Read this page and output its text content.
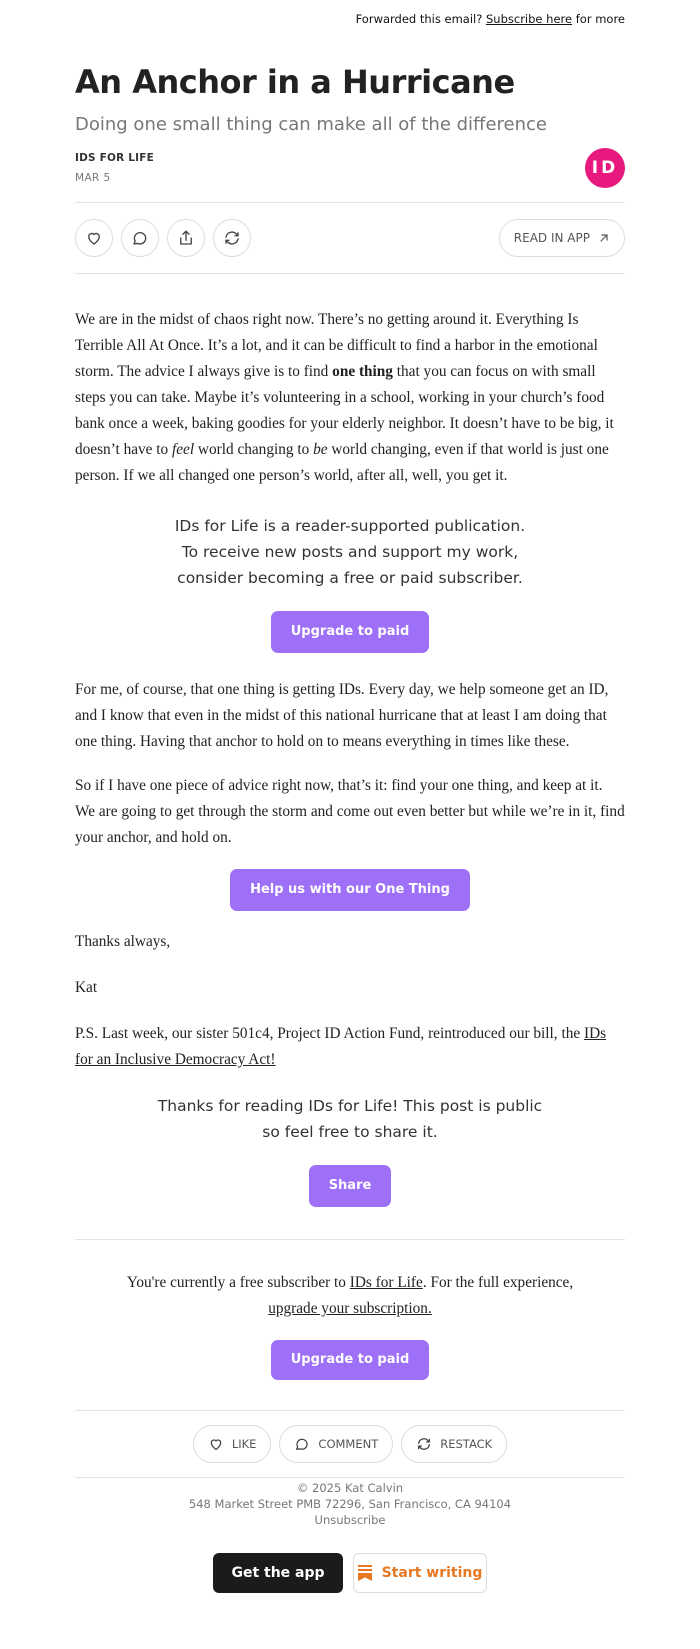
Forwarded this email? Subscribe here for more
An Anchor in a Hurricane
Doing one small thing can make all of the difference
IDS FOR LIFE
MAR 5	ID
READ IN APP

We are in the midst of chaos right now. There’s no getting around it. Everything Is Terrible All At Once. It’s a lot, and it can be difficult to find a harbor in the emotional storm. The advice I always give is to find one thing that you can focus on with small steps you can take. Maybe it’s volunteering in a school, working in your church’s food bank once a week, baking goodies for your elderly neighbor. It doesn’t have to be big, it doesn’t have to feel world changing to be world changing, even if that world is just one person. If we all changed one person’s world, after all, well, you get it.

IDs for Life is a reader-supported publication. To receive new posts and support my work, consider becoming a free or paid subscriber.
Upgrade to paid

For me, of course, that one thing is getting IDs. Every day, we help someone get an ID, and I know that even in the midst of this national hurricane that at least I am doing that one thing. Having that anchor to hold on to means everything in times like these.

So if I have one piece of advice right now, that’s it: find your one thing, and keep at it. We are going to get through the storm and come out even better but while we’re in it, find your anchor, and hold on.

Help us with our One Thing

Thanks always,

Kat

P.S. Last week, our sister 501c4, Project ID Action Fund, reintroduced our bill, the IDs for an Inclusive Democracy Act!

Thanks for reading IDs for Life! This post is public so feel free to share it.
Share
You're currently a free subscriber to IDs for Life. For the full experience,
upgrade your subscription.
Upgrade to paid
LIKE	COMMENT	RESTACK
© 2025 Kat Calvin
548 Market Street PMB 72296, San Francisco, CA 94104
Unsubscribe
Get the app	Start writing
